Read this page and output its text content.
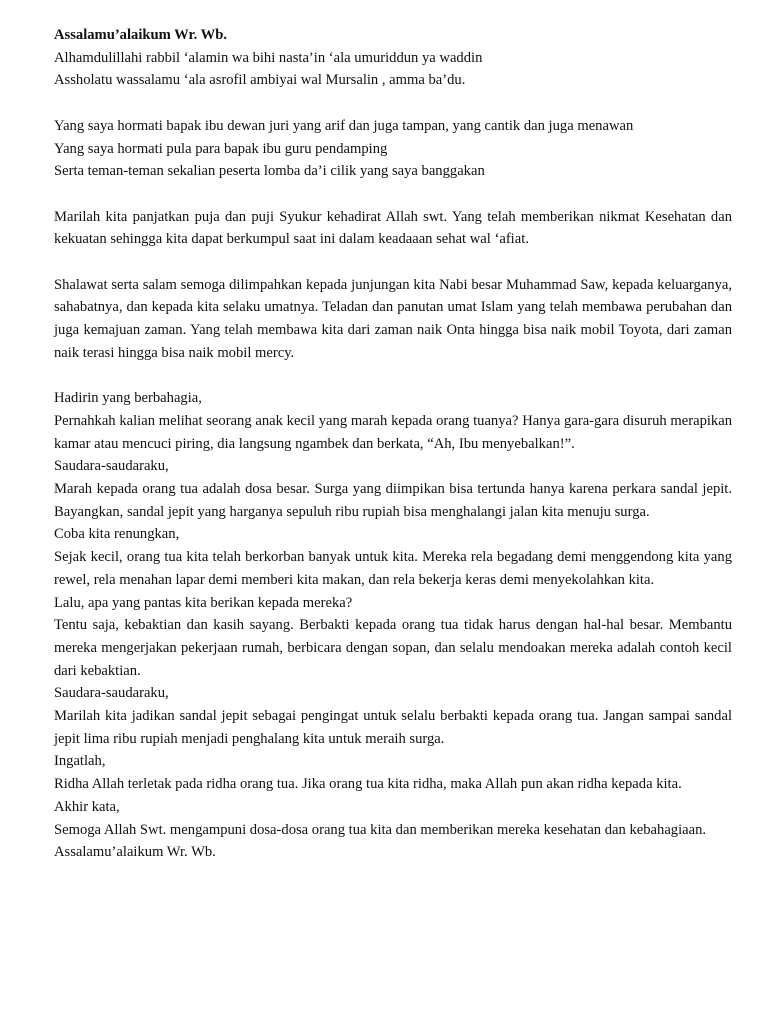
Assalamu’alaikum Wr. Wb.
Alhamdulillahi rabbil ‘alamin wa bihi nasta’in ‘ala umuriddun ya waddin
Assholatu wassalamu ‘ala asrofil ambiyai wal Mursalin , amma ba’du.
Yang saya hormati bapak ibu dewan juri yang arif dan juga tampan, yang cantik dan juga menawan
Yang saya hormati pula para bapak ibu guru pendamping
Serta teman-teman sekalian peserta lomba da’i cilik yang saya banggakan
Marilah kita panjatkan puja dan puji Syukur kehadirat Allah swt. Yang telah memberikan nikmat Kesehatan dan kekuatan sehingga kita dapat berkumpul saat ini dalam keadaaan sehat wal ‘afiat.
Shalawat serta salam semoga dilimpahkan kepada junjungan kita Nabi besar Muhammad Saw, kepada keluarganya, sahabatnya, dan kepada kita selaku umatnya. Teladan dan panutan umat Islam yang telah membawa perubahan dan juga kemajuan zaman. Yang telah membawa kita dari zaman naik Onta hingga bisa naik mobil Toyota, dari zaman naik terasi hingga bisa naik mobil mercy.
Hadirin yang berbahagia,
Pernahkah kalian melihat seorang anak kecil yang marah kepada orang tuanya? Hanya gara-gara disuruh merapikan kamar atau mencuci piring, dia langsung ngambek dan berkata, “Ah, Ibu menyebalkan!”.
Saudara-saudaraku,
Marah kepada orang tua adalah dosa besar. Surga yang diimpikan bisa tertunda hanya karena perkara sandal jepit. Bayangkan, sandal jepit yang harganya sepuluh ribu rupiah bisa menghalangi jalan kita menuju surga.
Coba kita renungkan,
Sejak kecil, orang tua kita telah berkorban banyak untuk kita. Mereka rela begadang demi menggendong kita yang rewel, rela menahan lapar demi memberi kita makan, dan rela bekerja keras demi menyekolahkan kita.
Lalu, apa yang pantas kita berikan kepada mereka?
Tentu saja, kebaktian dan kasih sayang. Berbakti kepada orang tua tidak harus dengan hal-hal besar. Membantu mereka mengerjakan pekerjaan rumah, berbicara dengan sopan, dan selalu mendoakan mereka adalah contoh kecil dari kebaktian.
Saudara-saudaraku,
Marilah kita jadikan sandal jepit sebagai pengingat untuk selalu berbakti kepada orang tua. Jangan sampai sandal jepit lima ribu rupiah menjadi penghalang kita untuk meraih surga.
Ingatlah,
Ridha Allah terletak pada ridha orang tua. Jika orang tua kita ridha, maka Allah pun akan ridha kepada kita.
Akhir kata,
Semoga Allah Swt. mengampuni dosa-dosa orang tua kita dan memberikan mereka kesehatan dan kebahagiaan.
Assalamu’alaikum Wr. Wb.
